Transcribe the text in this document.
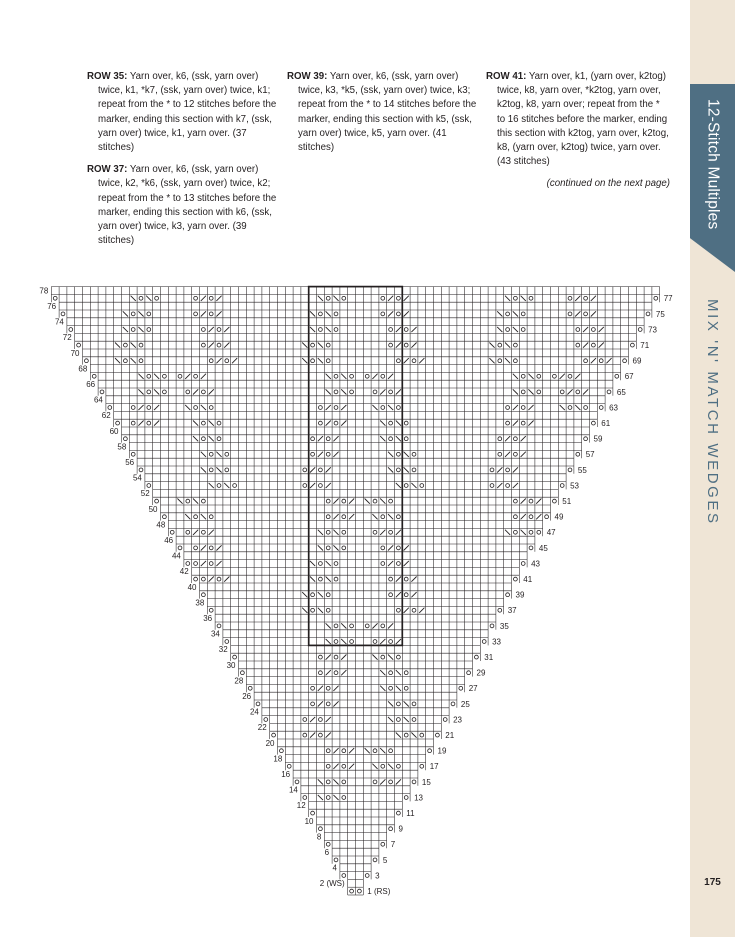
12-Stitch Multiples
MIX 'N' MATCH WEDGES
175

ROW 35: Yarn over, k6, (ssk, yarn over) twice, k1, *k7, (ssk, yarn over) twice, k1; repeat from the * to 12 stitches before the marker, ending this section with k7, (ssk, yarn over) twice, k1, yarn over. (37 stitches)

ROW 37: Yarn over, k6, (ssk, yarn over) twice, k2, *k6, (ssk, yarn over) twice, k2; repeat from the * to 13 stitches before the marker, ending this section with k6, (ssk, yarn over) twice, k3, yarn over. (39 stitches)

ROW 39: Yarn over, k6, (ssk, yarn over) twice, k3, *k5, (ssk, yarn over) twice, k3; repeat from the * to 14 stitches before the marker, ending this section with k5, (ssk, yarn over) twice, k5, yarn over. (41 stitches)

ROW 41: Yarn over, k1, (yarn over, k2tog) twice, k8, yarn over, *k2tog, yarn over, k2tog, k8, yarn over; repeat from the * to 16 stitches before the marker, ending this section with k2tog, yarn over, k2tog, k8, (yarn over, k2tog) twice, yarn over. (43 stitches)

(continued on the next page)
77
75
73
71
69
67
65
63
61
59
57
55
53
51
49
47
45
43
41
39
37
35
33
31
29
27
25
23
21
19
17
15
13
11
9
7
5
3
1 (RS)
78
76
74
72
70
68
66
64
62
60
58
56
54
52
50
48
46
44
42
40
38
36
34
32
30
28
26
24
22
20
18
16
14
12
10
8
6
4
2 (WS)
